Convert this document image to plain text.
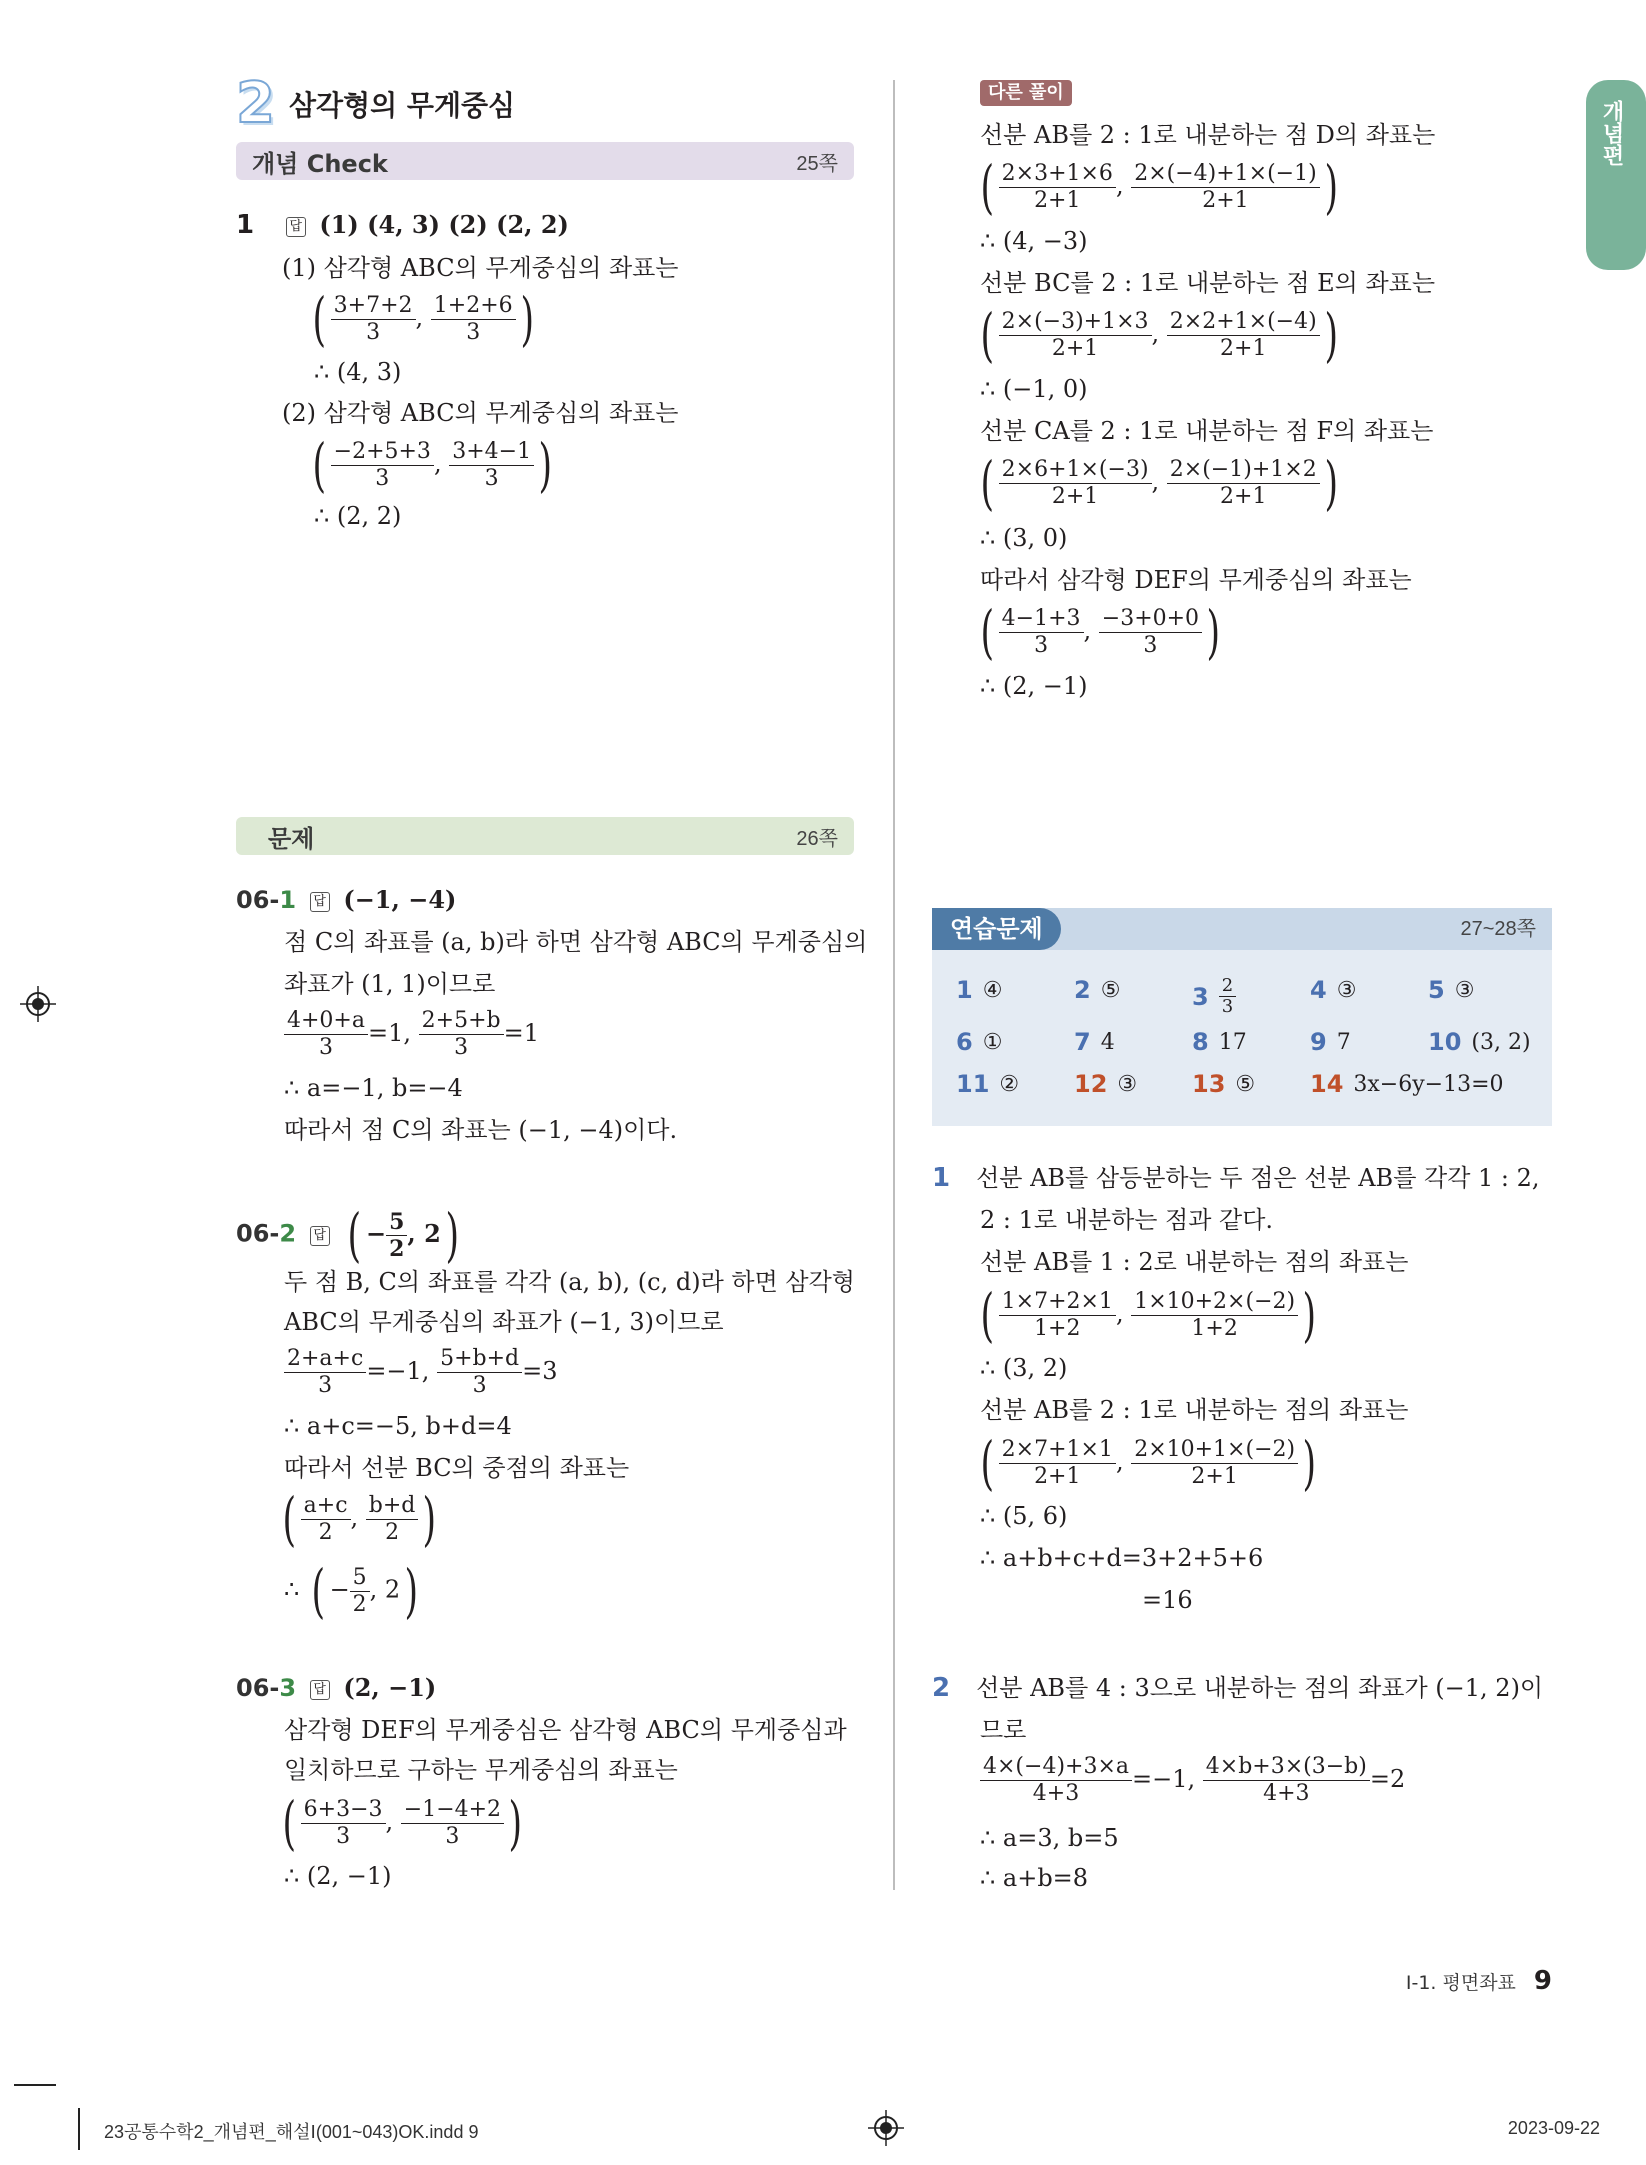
개념편
2 삼각형의 무게중심
개념 Check	25쪽
1	답 (1) (4, 3) (2) (2, 2)
(1) 삼각형 ABC의 무게중심의 좌표는
( $\frac{3+7+2}{3}$ , $\frac{1+2+6}{3}$ )
∴ (4, 3)
(2) 삼각형 ABC의 무게중심의 좌표는
( $\frac{-2+5+3}{3}$ , $\frac{3+4-1}{3}$ )
∴ (2, 2)
문제	26쪽
06-1 답 (−1, −4)
점 C의 좌표를 (a, b)라 하면 삼각형 ABC의 무게중심의
좌표가 (1, 1)이므로
$\frac{4+0+a}{3} =1$, $\frac{2+5+b}{3} =1$
∴ a=−1, b=−4
따라서 점 C의 좌표는 (−1, −4)이다.
06-2 답 ( − $\frac{5}{2}$ , 2)
두 점 B, C의 좌표를 각각 (a, b), (c, d)라 하면 삼각형
ABC의 무게중심의 좌표가 (−1, 3)이므로
$\frac{2+a+c}{3} =-1$, $\frac{5+b+d}{3} =3$
∴ a+c=−5, b+d=4
따라서 선분 BC의 중점의 좌표는
( $\frac{a+c}{2}$ , $\frac{b+d}{2}$ )
∴ ( − $\frac{5}{2}$ , 2)
06-3 답 (2, −1)
삼각형 DEF의 무게중심은 삼각형 ABC의 무게중심과
일치하므로 구하는 무게중심의 좌표는
( $\frac{6+3-3}{3}$ , $\frac{-1-4+2}{3}$ )
∴ (2, −1)
다른 풀이
선분 AB를 2 : 1로 내분하는 점 D의 좌표는
( $\frac{2\times 3+1\times 6}{2+1}$ , $\frac{2\times(-4)+1\times(-1)}{2+1}$ )
∴ (4, −3)
선분 BC를 2 : 1로 내분하는 점 E의 좌표는
( $\frac{2\times(-3)+1\times 3}{2+1}$ , $\frac{2\times 2+1\times(-4)}{2+1}$ )
∴ (−1, 0)
선분 CA를 2 : 1로 내분하는 점 F의 좌표는
( $\frac{2\times 6+1\times(-3)}{2+1}$ , $\frac{2\times(-1)+1\times 2}{2+1}$ )
∴ (3, 0)
따라서 삼각형 DEF의 무게중심의 좌표는
( $\frac{4-1+3}{3}$ , $\frac{-3+0+0}{3}$ )
∴ (2, −1)
연습문제	27~28쪽
1 ④	2 ⑤	$3 \frac{2}{3}$	4 ③	5 ③
6 ①	7 4	8 17	9 7	10 (3, 2)
11 ② 12 ③ 13 ⑤ 14 3x−6y−13=0
1 선분 AB를 삼등분하는 두 점은 선분 AB를 각각 1 : 2,
2 : 1로 내분하는 점과 같다.
선분 AB를 1 : 2로 내분하는 점의 좌표는
( $\frac{1\times 7+2\times 1}{1+2}$ , $\frac{1\times 10+2\times(-2)}{1+2}$ )
∴ (3, 2)
선분 AB를 2 : 1로 내분하는 점의 좌표는
( $\frac{2\times 7+1\times 1}{2+1}$ , $\frac{2\times 10+1\times(-2)}{2+1}$ )
∴ (5, 6)
∴ a+b+c+d=3+2+5+6
=16
2 선분 AB를 4 : 3으로 내분하는 점의 좌표가 (−1, 2)이
므로
$\frac{4\times(-4)+3\times a}{4+3} =-1$, $\frac{4\times b+3\times(3-b)}{4+3} =2$
∴ a=3, b=5
∴ a+b=8
Ⅰ-1. 평면좌표 9
23공통수학2_개념편_해설Ⅰ(001~043)OK.indd 9	2023-09-22
